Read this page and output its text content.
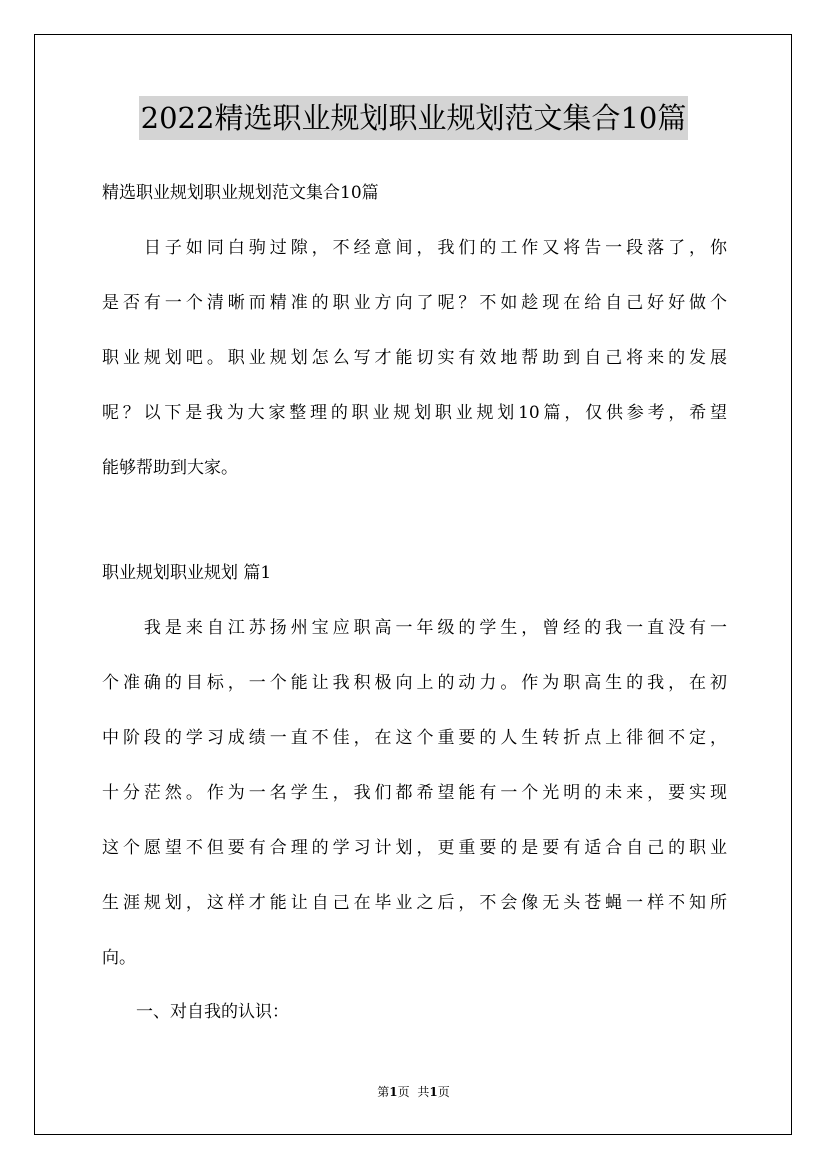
2022精选职业规划职业规划范文集合10篇
精选职业规划职业规划范文集合10篇
　　日子如同白驹过隙，不经意间，我们的工作又将告一段落了，你
是否有一个清晰而精准的职业方向了呢？不如趁现在给自己好好做个
职业规划吧。职业规划怎么写才能切实有效地帮助到自己将来的发展
呢？以下是我为大家整理的职业规划职业规划10篇，仅供参考，希望
能够帮助到大家。
职业规划职业规划 篇1
　　我是来自江苏扬州宝应职高一年级的学生，曾经的我一直没有一
个准确的目标，一个能让我积极向上的动力。作为职高生的我，在初
中阶段的学习成绩一直不佳，在这个重要的人生转折点上徘徊不定，
十分茫然。作为一名学生，我们都希望能有一个光明的未来，要实现
这个愿望不但要有合理的学习计划，更重要的是要有适合自己的职业
生涯规划，这样才能让自己在毕业之后，不会像无头苍蝇一样不知所
向。
　　一、对自我的认识：
第1页 共1页
